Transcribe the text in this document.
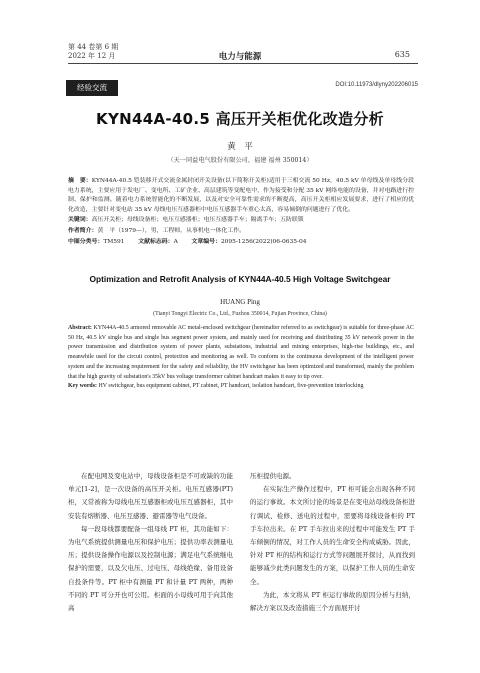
第 44 卷第 6 期
2022 年 12 月	电力与能源	635
经验交流	DOI:10.11973/dlyny202206015
KYN44A-40.5 高压开关柜优化改造分析
黄　平
（天一同益电气股份有限公司，福建 福州 350014）
摘　要：KYN44A-40.5 铠装移开式交流金属封闭开关设备(以下简称开关柜)适用于三相交流 50 Hz，40.5 kV 单母线及单母线分段电力系统，主要应用于发电厂、变电所、工矿企业、高层建筑等变配电中，作为接受和分配 35 kV 网络电能的设备，并对电路进行控制、保护和监测。随着电力系统智能化的不断发展，以及对安全可靠性需求的不断提高，高压开关柜相应发展要求，进行了相应的优化改造，主要针对变电站 35 kV 母线电压互感器柜中电压互感器手车重心太高，容易倾倒的问题进行了优化。
关键词：高压开关柜；母线设备柜；电压互感器柜；电压互感器手车；隔离手车；五防联锁
作者简介：黄　平（1979—），男，工程师，从事机电一体化工作。
中图分类号：TM591    文献标志码：A    文章编号：2095-1256(2022)06-0635-04
Optimization and Retrofit Analysis of KYN44A-40.5 High Voltage Switchgear
HUANG Ping
(Tianyi Tongyi Electric Co., Ltd., Fuzhou 350014, Fujian Province, China)
Abstract: KYN44A-40.5 armored removable AC metal-enclosed switchgear (hereinafter referred to as switchgear) is suitable for three-phase AC 50 Hz, 40.5 kV single bus and single bus segment power system, and mainly used for receiving and distributing 35 kV network power in the power transmission and distribution system of power plants, substations, industrial and mining enterprises, high-rise buildings, etc., and meanwhile used for the circuit control, protection and monitoring as well. To conform to the continuous development of the intelligent power system and the increasing requirement for the safety and reliability, the HV switchgear has been optimized and transformed, mainly the problem that the high gravity of substation's 35kV bus voltage transformer cabinet handcart makes it easy to tip over.
Key words: HV switchgear, bus equipment cabinet, PT cabinet, PT handcart, isolation handcart, five-prevention interlocking

在配电网及变电站中，母线设备柜是不可或缺的功能单元[1-2]，是一次设备的高压开关柜。电压互感器(PT)柜，又常被称为母线电压互感器柜或电压互感器柜，其中安装有熔断器、电压互感器、避雷器等电气设备。

每一段母线都要配备一组母线 PT 柜，其功能如下：为电气系统提供测量电压和保护电压；提供功率表测量电压；提供设备操作电源以及控制电源；满足电气系统继电保护的需要，以及欠电压、过电压、母线绝缘、备用设备自投条件等。PT 柜中有测量 PT 和计量 PT 两种，两种不同的 PT 可分开也可公用。柜面的小母线可用于向其他高

压柜提供电源。

在实际生产操作过程中，PT 柜可能会出现各种不同的运行事故。本文所讨论的场景是在变电站母线设备柜进行调试、检修、送电的过程中，需要将母线设备柜的 PT 手车拉出来。在 PT 手车拉出来的过程中可能发生 PT 手车倾倒的情况，对工作人员的生命安全构成威胁。因此，针对 PT 柜的结构和运行方式等问题展开探讨，从而找到能够减少此类问题发生的方案，以保护工作人员的生命安全。

为此，本文将从 PT 柜运行事故的原因分析与归纳，解决方案以及改造措施三个方面展开讨
